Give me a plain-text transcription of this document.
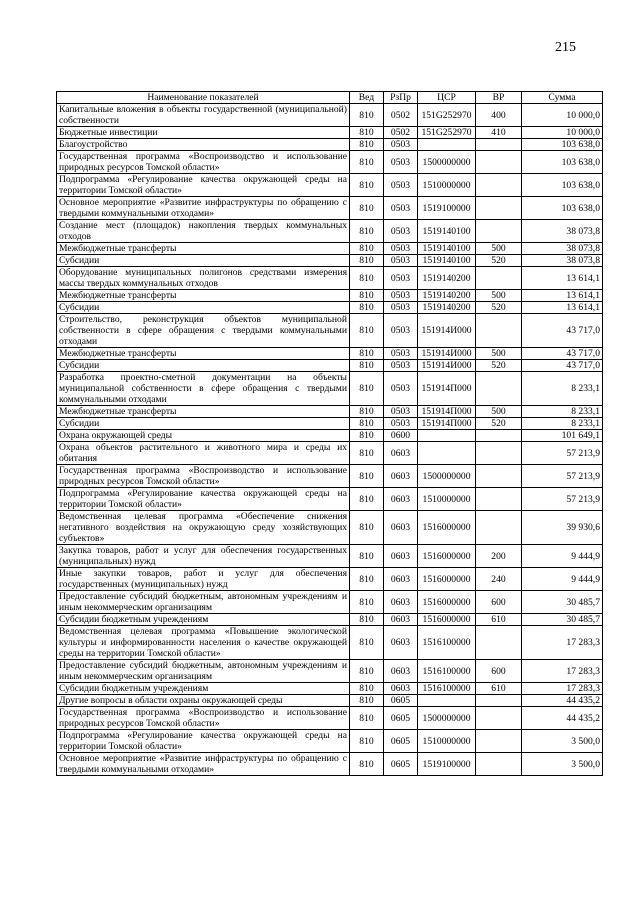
215
Наименование показателей	Вед	РзПр	ЦСР	ВР	Сумма
Капитальные вложения в объекты государственной (муниципальной) собственности	810	0502	151G252970	400	10 000,0
Бюджетные инвестиции	810	0502	151G252970	410	10 000,0
Благоустройство	810	0503			103 638,0
Государственная программа «Воспроизводство и использование природных ресурсов Томской области»	810	0503	1500000000		103 638,0
Подпрограмма «Регулирование качества окружающей среды на территории Томской области»	810	0503	1510000000		103 638,0
Основное мероприятие «Развитие инфраструктуры по обращению с твердыми коммунальными отходами»	810	0503	1519100000		103 638,0
Создание мест (площадок) накопления твердых коммунальных отходов	810	0503	1519140100		38 073,8
Межбюджетные трансферты	810	0503	1519140100	500	38 073,8
Субсидии	810	0503	1519140100	520	38 073,8
Оборудование муниципальных полигонов средствами измерения массы твердых коммунальных отходов	810	0503	1519140200		13 614,1
Межбюджетные трансферты	810	0503	1519140200	500	13 614,1
Субсидии	810	0503	1519140200	520	13 614,1
Строительство, реконструкция объектов муниципальной собственности в сфере обращения с твердыми коммунальными отходами	810	0503	151914И000		43 717,0
Межбюджетные трансферты	810	0503	151914И000	500	43 717,0
Субсидии	810	0503	151914И000	520	43 717,0
Разработка проектно-сметной документации на объекты муниципальной собственности в сфере обращения с твердыми коммунальными отходами	810	0503	151914П000		8 233,1
Межбюджетные трансферты	810	0503	151914П000	500	8 233,1
Субсидии	810	0503	151914П000	520	8 233,1
Охрана окружающей среды	810	0600			101 649,1
Охрана объектов растительного и животного мира и среды их обитания	810	0603			57 213,9
Государственная программа «Воспроизводство и использование природных ресурсов Томской области»	810	0603	1500000000		57 213,9
Подпрограмма «Регулирование качества окружающей среды на территории Томской области»	810	0603	1510000000		57 213,9
Ведомственная целевая программа «Обеспечение снижения негативного воздействия на окружающую среду хозяйствующих субъектов»	810	0603	1516000000		39 930,6
Закупка товаров, работ и услуг для обеспечения государственных (муниципальных) нужд	810	0603	1516000000	200	9 444,9
Иные закупки товаров, работ и услуг для обеспечения государственных (муниципальных) нужд	810	0603	1516000000	240	9 444,9
Предоставление субсидий бюджетным, автономным учреждениям и иным некоммерческим организациям	810	0603	1516000000	600	30 485,7
Субсидии бюджетным учреждениям	810	0603	1516000000	610	30 485,7
Ведомственная целевая программа «Повышение экологической культуры и информированности населения о качестве окружающей среды на территории Томской области»	810	0603	1516100000		17 283,3
Предоставление субсидий бюджетным, автономным учреждениям и иным некоммерческим организациям	810	0603	1516100000	600	17 283,3
Субсидии бюджетным учреждениям	810	0603	1516100000	610	17 283,3
Другие вопросы в области охраны окружающей среды	810	0605			44 435,2
Государственная программа «Воспроизводство и использование природных ресурсов Томской области»	810	0605	1500000000		44 435,2
Подпрограмма «Регулирование качества окружающей среды на территории Томской области»	810	0605	1510000000		3 500,0
Основное мероприятие «Развитие инфраструктуры по обращению с твердыми коммунальными отходами»	810	0605	1519100000		3 500,0
